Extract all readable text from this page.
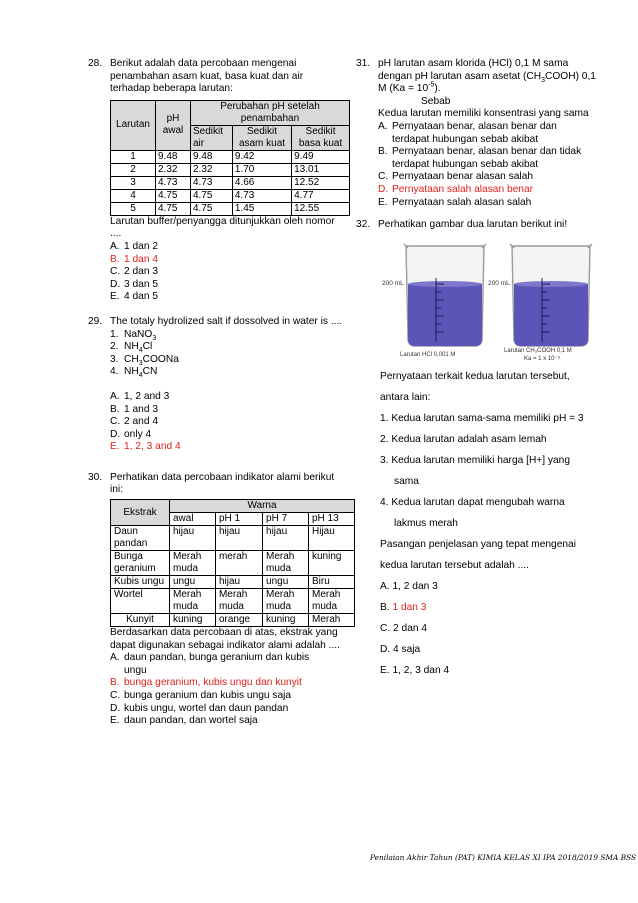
28. Berikut adalah data percobaan mengenai penambahan asam kuat, basa kuat dan air terhadap beberapa larutan:
Larutan	pH awal	Perubahan pH setelah penambahan		
		Sedikit air	Sedikit asam kuat	Sedikit basa kuat
1	9.48	9.48	9.42	9.49
2	2.32	2.32	1.70	13.01
3	4.73	4.73	4.66	12.52
4	4.75	4.75	4.73	4.77
5	4.75	4.75	1.45	12.55
Larutan buffer/penyangga ditunjukkan oleh nomor ....
A. 1 dan 2
B. 1 dan 4
C. 2 dan 3
D. 3 dan 5
E. 4 dan 5
29. The totaly hydrolized salt if dossolved in water is ....
1. NaNO$_3$
2. $NH_4Cl$
3. $CH_3COONa$
4. $NH_4CN$
A. 1, 2 and 3
B. 1 and 3
C. 2 and 4
D. only 4
E. 1, 2, 3 and 4
30. Perhatikan data percobaan indikator alami berikut ini:
Ekstrak	Warna			
	awal	pH 1	pH 7	pH 13
Daun pandan	hijau	hijau	hijau	Hijau
Bunga geranium	Merah muda	merah	Merah muda	kuning
Kubis ungu	ungu	hijau	ungu	Biru
Wortel	Merah muda	Merah muda	Merah muda	Merah muda
Kunyit	kuning	orange	kuning	Merah
Berdasarkan data percobaan di atas, ekstrak yang dapat digunakan sebagai indikator alami adalah ....
A. daun pandan, bunga geranium dan kubis ungu
B. bunga geranium, kubis ungu dan kunyit
C. bunga geranium dan kubis ungu saja
D. kubis ungu, wortel dan daun pandan
E. daun pandan, dan wortel saja
31. pH larutan asam klorida (HCl) 0,1 M sama dengan pH larutan asam asetat $(CH_3COOH)$ 0,1 M $(Ka = 10^{-5})$.
Sebab
Kedua larutan memiliki konsentrasi yang sama
A. Pernyataan benar, alasan benar dan terdapat hubungan sebab akibat
B. Pernyataan benar, alasan benar dan tidak terdapat hubungan sebab akibat
C. Pernyataan benar alasan salah
D. Pernyataan salah alasan benar
E. Pernyataan salah alasan salah
32. Perhatikan gambar dua larutan berikut ini!
200 mL
Larutan HCl 0,001 M
200 mL
Larutan CH₃COOH 0,1 M
Ka = 1 x 10⁻⁵
Pernyataan terkait kedua larutan tersebut,
antara lain:
1. Kedua larutan sama-sama memiliki pH = 3
2. Kedua larutan adalah asam lemah
3. Kedua larutan memiliki harga [H+] yang
sama
4. Kedua larutan dapat mengubah warna
lakmus merah
Pasangan penjelasan yang tepat mengenai
kedua larutan tersebut adalah ....
A. 1, 2 dan 3
B. 1 dan 3
C. 2 dan 4
D. 4 saja
E. 1, 2, 3 dan 4
Penilaian Akhir Tahun (PAT) KIMIA KELAS XI IPA 2018/2019 SMA BSS
